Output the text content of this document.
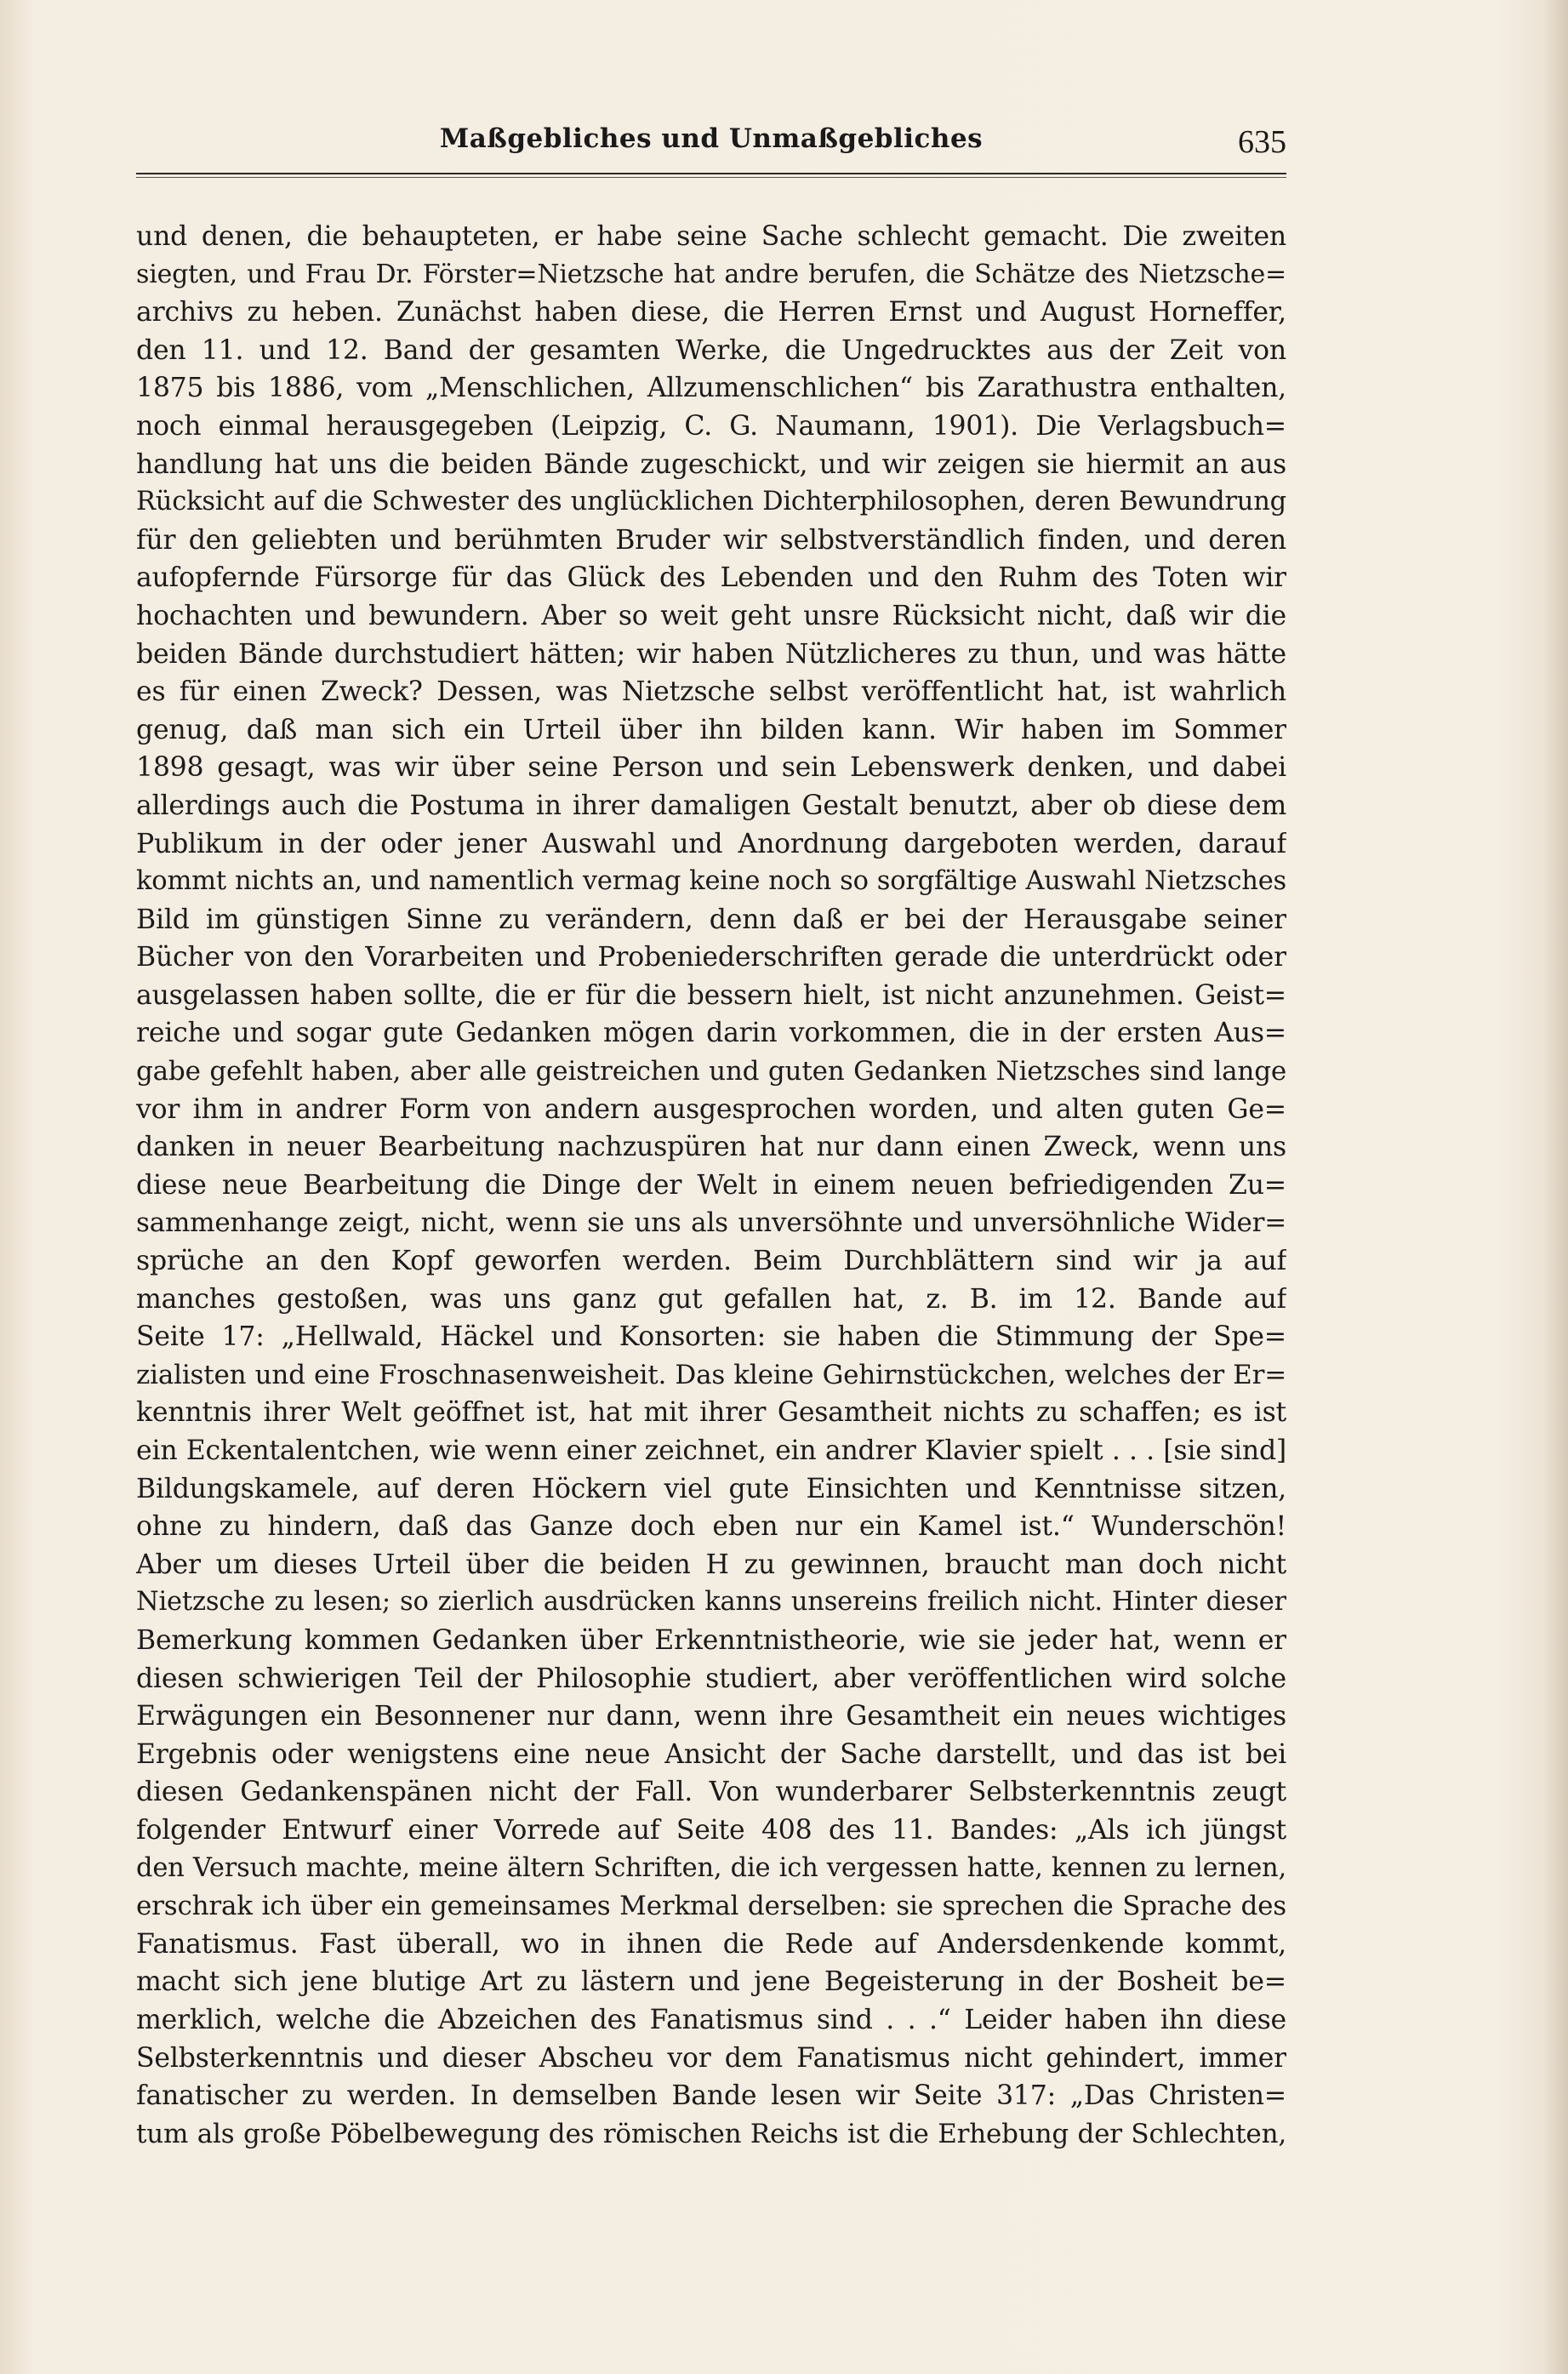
Maßgebliches und Unmaßgebliches	635
und denen, die behaupteten, er habe seine Sache schlecht gemacht. Die zweiten
siegten, und Frau Dr. Förster=Nietzsche hat andre berufen, die Schätze des Nietzsche=
archivs zu heben. Zunächst haben diese, die Herren Ernst und August Horneffer,
den 11. und 12. Band der gesamten Werke, die Ungedrucktes aus der Zeit von
1875 bis 1886, vom „Menschlichen, Allzumenschlichen“ bis Zarathustra enthalten,
noch einmal herausgegeben (Leipzig, C. G. Naumann, 1901). Die Verlagsbuch=
handlung hat uns die beiden Bände zugeschickt, und wir zeigen sie hiermit an aus
Rücksicht auf die Schwester des unglücklichen Dichterphilosophen, deren Bewundrung
für den geliebten und berühmten Bruder wir selbstverständlich finden, und deren
aufopfernde Fürsorge für das Glück des Lebenden und den Ruhm des Toten wir
hochachten und bewundern. Aber so weit geht unsre Rücksicht nicht, daß wir die
beiden Bände durchstudiert hätten; wir haben Nützlicheres zu thun, und was hätte
es für einen Zweck? Dessen, was Nietzsche selbst veröffentlicht hat, ist wahrlich
genug, daß man sich ein Urteil über ihn bilden kann. Wir haben im Sommer
1898 gesagt, was wir über seine Person und sein Lebenswerk denken, und dabei
allerdings auch die Postuma in ihrer damaligen Gestalt benutzt, aber ob diese dem
Publikum in der oder jener Auswahl und Anordnung dargeboten werden, darauf
kommt nichts an, und namentlich vermag keine noch so sorgfältige Auswahl Nietzsches
Bild im günstigen Sinne zu verändern, denn daß er bei der Herausgabe seiner
Bücher von den Vorarbeiten und Probeniederschriften gerade die unterdrückt oder
ausgelassen haben sollte, die er für die bessern hielt, ist nicht anzunehmen. Geist=
reiche und sogar gute Gedanken mögen darin vorkommen, die in der ersten Aus=
gabe gefehlt haben, aber alle geistreichen und guten Gedanken Nietzsches sind lange
vor ihm in andrer Form von andern ausgesprochen worden, und alten guten Ge=
danken in neuer Bearbeitung nachzuspüren hat nur dann einen Zweck, wenn uns
diese neue Bearbeitung die Dinge der Welt in einem neuen befriedigenden Zu=
sammenhange zeigt, nicht, wenn sie uns als unversöhnte und unversöhnliche Wider=
sprüche an den Kopf geworfen werden. Beim Durchblättern sind wir ja auf
manches gestoßen, was uns ganz gut gefallen hat, z. B. im 12. Bande auf
Seite 17: „Hellwald, Häckel und Konsorten: sie haben die Stimmung der Spe=
zialisten und eine Froschnasenweisheit. Das kleine Gehirnstückchen, welches der Er=
kenntnis ihrer Welt geöffnet ist, hat mit ihrer Gesamtheit nichts zu schaffen; es ist
ein Eckentalentchen, wie wenn einer zeichnet, ein andrer Klavier spielt . . . [sie sind]
Bildungskamele, auf deren Höckern viel gute Einsichten und Kenntnisse sitzen,
ohne zu hindern, daß das Ganze doch eben nur ein Kamel ist.“ Wunderschön!
Aber um dieses Urteil über die beiden H zu gewinnen, braucht man doch nicht
Nietzsche zu lesen; so zierlich ausdrücken kanns unsereins freilich nicht. Hinter dieser
Bemerkung kommen Gedanken über Erkenntnistheorie, wie sie jeder hat, wenn er
diesen schwierigen Teil der Philosophie studiert, aber veröffentlichen wird solche
Erwägungen ein Besonnener nur dann, wenn ihre Gesamtheit ein neues wichtiges
Ergebnis oder wenigstens eine neue Ansicht der Sache darstellt, und das ist bei
diesen Gedankenspänen nicht der Fall. Von wunderbarer Selbsterkenntnis zeugt
folgender Entwurf einer Vorrede auf Seite 408 des 11. Bandes: „Als ich jüngst
den Versuch machte, meine ältern Schriften, die ich vergessen hatte, kennen zu lernen,
erschrak ich über ein gemeinsames Merkmal derselben: sie sprechen die Sprache des
Fanatismus. Fast überall, wo in ihnen die Rede auf Andersdenkende kommt,
macht sich jene blutige Art zu lästern und jene Begeisterung in der Bosheit be=
merklich, welche die Abzeichen des Fanatismus sind . . .“ Leider haben ihn diese
Selbsterkenntnis und dieser Abscheu vor dem Fanatismus nicht gehindert, immer
fanatischer zu werden. In demselben Bande lesen wir Seite 317: „Das Christen=
tum als große Pöbelbewegung des römischen Reichs ist die Erhebung der Schlechten,
